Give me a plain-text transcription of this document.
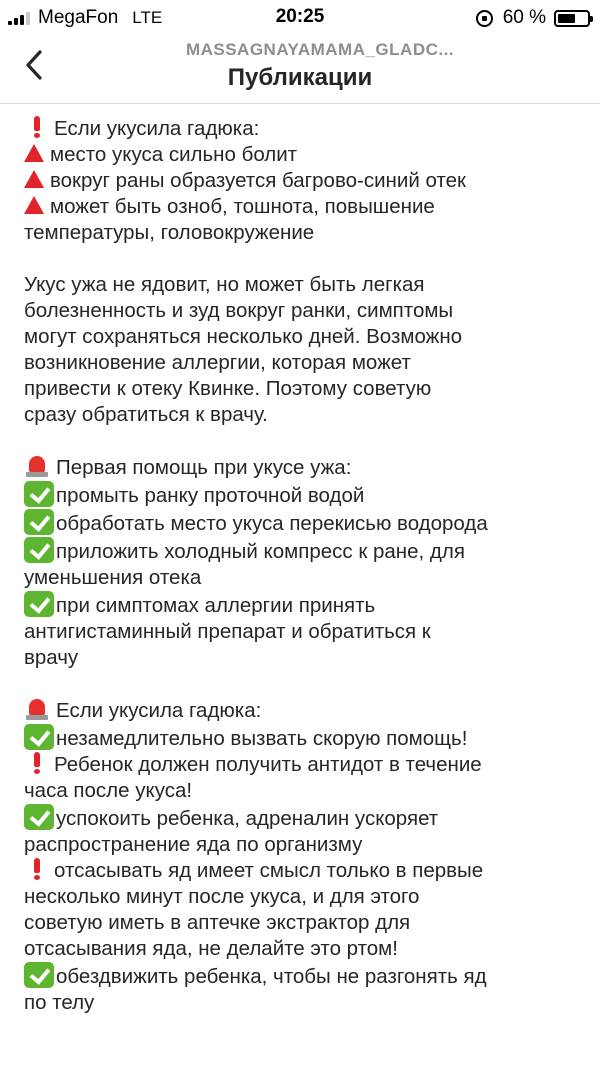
MegaFon LTE	20:25	60 %
MASSAGNAYAMAMA_GLADC...
Публикации
Если укусила гадюка:
место укуса сильно болит
вокруг раны образуется багрово-синий отек
может быть озноб, тошнота, повышение
температуры, головокружение
Укус ужа не ядовит, но может быть легкая
болезненность и зуд вокруг ранки, симптомы
могут сохраняться несколько дней. Возможно
возникновение аллергии, которая может
привести к отеку Квинке. Поэтому советую
сразу обратиться к врачу.
Первая помощь при укусе ужа:
промыть ранку проточной водой
обработать место укуса перекисью водорода
приложить холодный компресс к ране, для
уменьшения отека
при симптомах аллергии принять
антигистаминный препарат и обратиться к
врачу
Если укусила гадюка:
незамедлительно вызвать скорую помощь!
Ребенок должен получить антидот в течение
часа после укуса!
успокоить ребенка, адреналин ускоряет
распространение яда по организму
отсасывать яд имеет смысл только в первые
несколько минут после укуса, и для этого
советую иметь в аптечке экстрактор для
отсасывания яда, не делайте это ртом!
обездвижить ребенка, чтобы не разгонять яд
по телу
